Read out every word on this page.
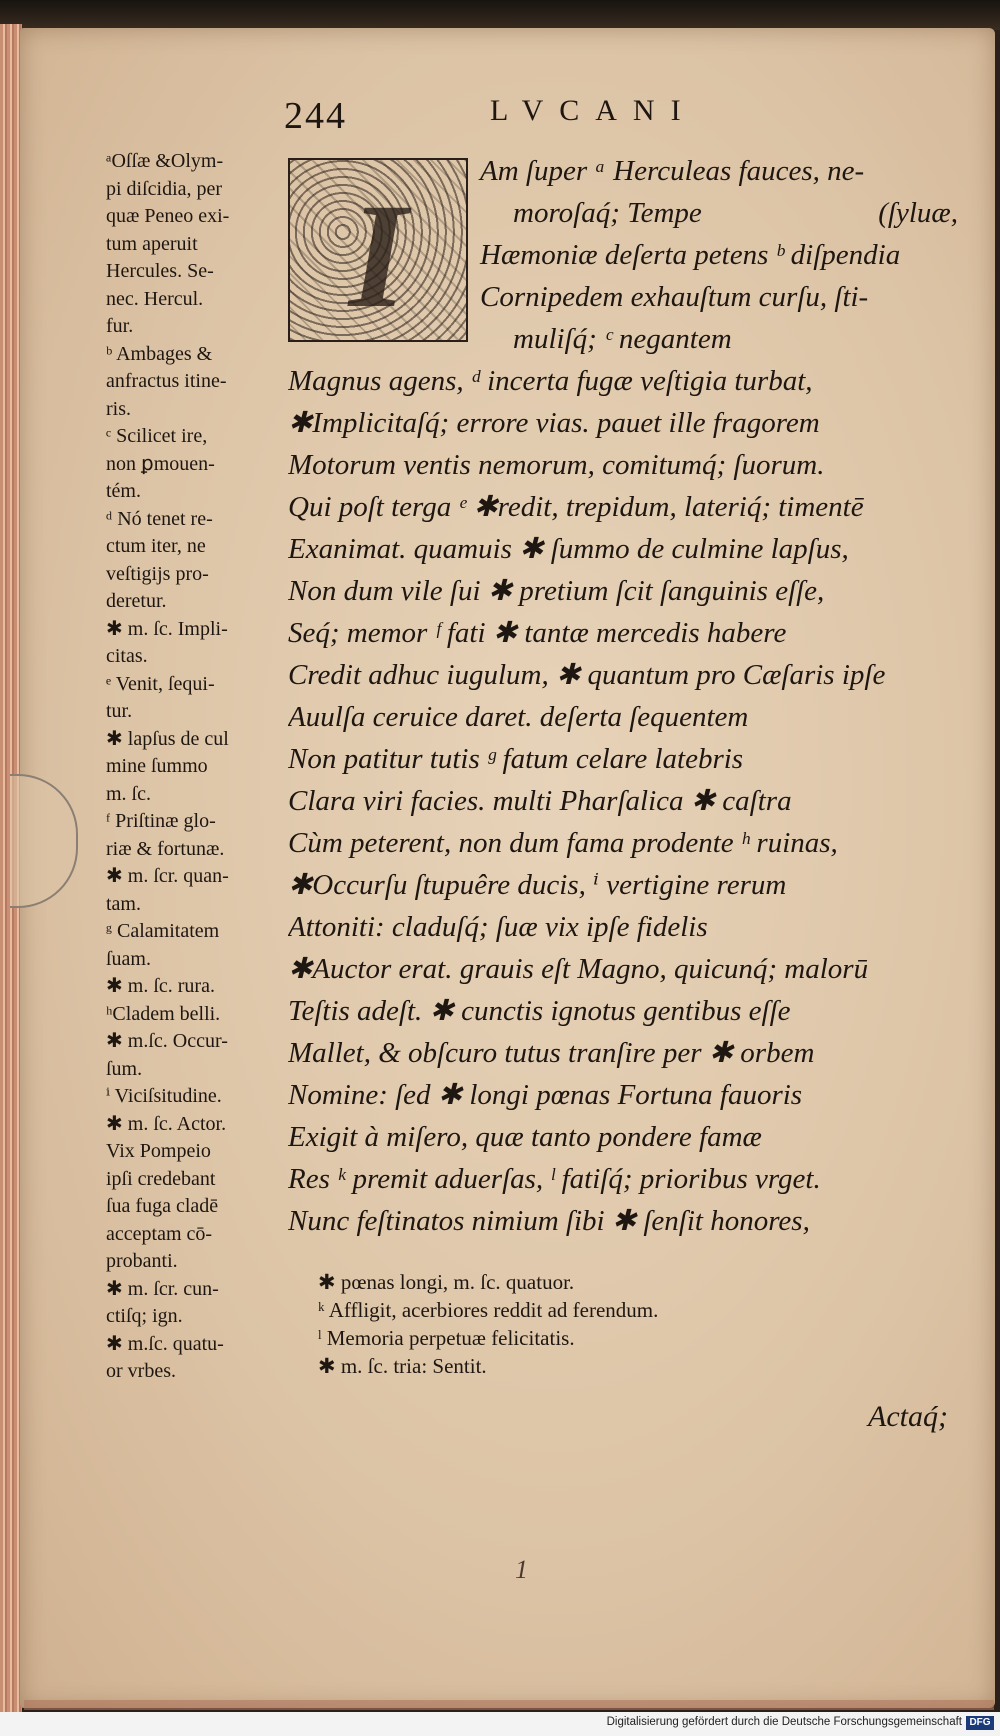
244	LVCANI
ᵃOſſæ &Olym-
pi diſcidia, per
quæ Peneo exi-
tum aperuit
Hercules. Se-
nec. Hercul.
fur.
ᵇ Ambages &
anfractus itine-
ris.
ᶜ Scilicet ire,
non ꝑmouen-
tém.
ᵈ Nó tenet re-
ctum iter, ne
veſtigijs pro-
deretur.
✱ m. ſc. Impli-
citas.
ᵉ Venit, ſequi-
tur.
✱ lapſus de cul
mine ſummo
m. ſc.
ᶠ Priſtinæ glo-
riæ & fortunæ.
✱ m. ſcr. quan-
tam.
ᵍ Calamitatem
ſuam.
✱ m. ſc. rura.
ʰCladem belli.
✱ m.ſc. Occur-
ſum.
ⁱ Viciſsitudine.
✱ m. ſc. Actor.
Vix Pompeio
ipſi credebant
ſua fuga cladē
acceptam cō-
probanti.
✱ m. ſcr. cun-
ctiſq; ign.
✱ m.ſc. quatu-
or vrbes.
I
Am ſuper ᵃ Herculeas fauces, ne-
moroſaq́; Tempe	(ſyluæ,
Hæmoniæ deſerta petens ᵇ diſpendia
Cornipedem exhauſtum curſu, ſti-
muliſq́; ᶜ negantem
Magnus agens, ᵈ incerta fugæ veſtigia turbat,
✱Implicitaſq́; errore vias. pauet ille fragorem
Motorum ventis nemorum, comitumq́; ſuorum.
Qui poſt terga ᵉ ✱redit, trepidum, lateriq́; timentē
Exanimat. quamuis ✱ ſummo de culmine lapſus,
Non dum vile ſui ✱ pretium ſcit ſanguinis eſſe,
Seq́; memor ᶠ fati ✱ tantæ mercedis habere
Credit adhuc iugulum, ✱ quantum pro Cæſaris ipſe
Auulſa ceruice daret. deſerta ſequentem
Non patitur tutis ᵍ fatum celare latebris
Clara viri facies. multi Pharſalica ✱ caſtra
Cùm peterent, non dum fama prodente ʰ ruinas,
✱Occurſu ſtupuêre ducis, ⁱ vertigine rerum
Attoniti: claduſq́; ſuæ vix ipſe fidelis
✱Auctor erat. grauis eſt Magno, quicunq́; malorū
Teſtis adeſt. ✱ cunctis ignotus gentibus eſſe
Mallet, & obſcuro tutus tranſire per ✱ orbem
Nomine: ſed ✱ longi pœnas Fortuna fauoris
Exigit à miſero, quæ tanto pondere famæ
Res ᵏ premit aduerſas, ˡ fatiſq́; prioribus vrget.
Nunc feſtinatos nimium ſibi ✱ ſenſit honores,
✱ pœnas longi, m. ſc. quatuor.
ᵏ Affligit, acerbiores reddit ad ferendum.
ˡ Memoria perpetuæ felicitatis.
✱ m. ſc. tria: Sentit.
Actaq́;
1
Digitalisierung gefördert durch die Deutsche Forschungsgemeinschaft DFG
